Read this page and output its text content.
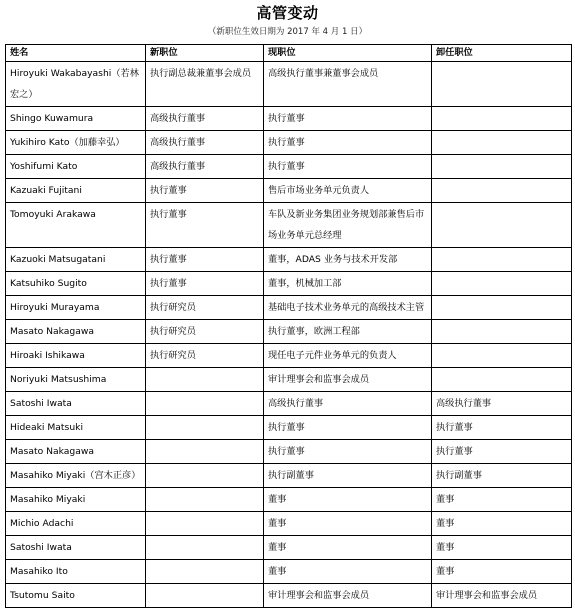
高管变动
（新职位生效日期为 2017 年 4 月 1 日）
姓名	新职位	现职位	卸任职位
Hiroyuki Wakabayashi（若林宏之）	执行副总裁兼董事会成员	高级执行董事兼董事会成员	
Shingo Kuwamura	高级执行董事	执行董事	
Yukihiro Kato（加藤幸弘）	高级执行董事	执行董事	
Yoshifumi Kato	高级执行董事	执行董事	
Kazuaki Fujitani	执行董事	售后市场业务单元负责人	
Tomoyuki Arakawa	执行董事	车队及新业务集团业务规划部兼售后市场业务单元总经理	
Kazuoki Matsugatani	执行董事	董事，ADAS 业务与技术开发部	
Katsuhiko Sugito	执行董事	董事，机械加工部	
Hiroyuki Murayama	执行研究员	基础电子技术业务单元的高级技术主管	
Masato Nakagawa	执行研究员	执行董事，欧洲工程部	
Hiroaki Ishikawa	执行研究员	现任电子元件业务单元的负责人	
Noriyuki Matsushima		审计理事会和监事会成员	
Satoshi Iwata		高级执行董事	高级执行董事
Hideaki Matsuki		执行董事	执行董事
Masato Nakagawa		执行董事	执行董事
Masahiko Miyaki（宫木正彦）		执行副董事	执行副董事
Masahiko Miyaki		董事	董事
Michio Adachi		董事	董事
Satoshi Iwata		董事	董事
Masahiko Ito		董事	董事
Tsutomu Saito		审计理事会和监事会成员	审计理事会和监事会成员
